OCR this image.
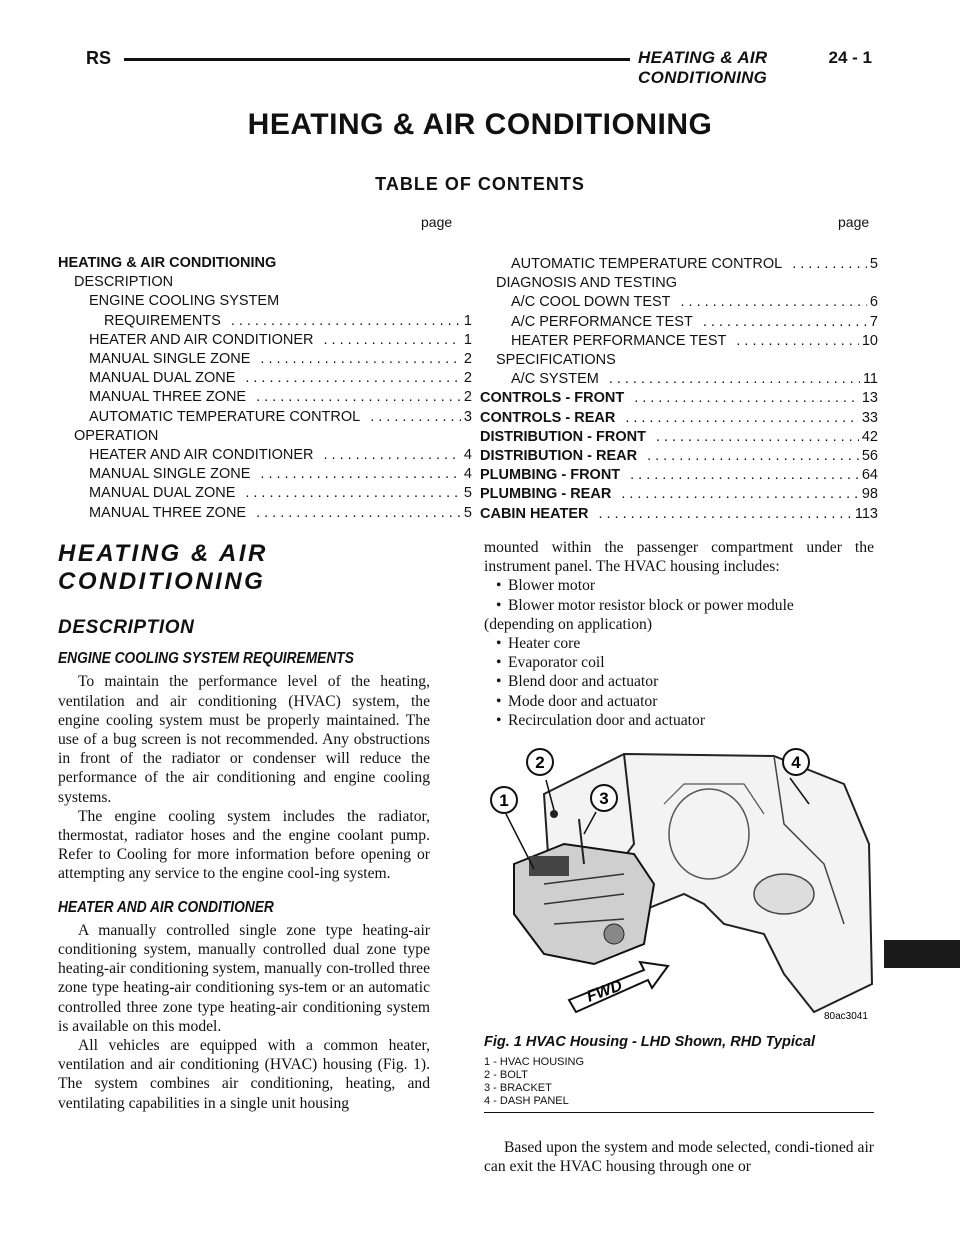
RS	HEATING & AIR CONDITIONING
24 - 1
HEATING & AIR CONDITIONING
TABLE OF CONTENTS
page	page
HEATING & AIR CONDITIONING
DESCRIPTION
ENGINE COOLING SYSTEM
REQUIREMENTS .....	1
HEATER AND AIR CONDITIONER .....	1
MANUAL SINGLE ZONE .....	2
MANUAL DUAL ZONE .....	2
MANUAL THREE ZONE .....	2
AUTOMATIC TEMPERATURE CONTROL .....	3
OPERATION
HEATER AND AIR CONDITIONER .....	4
MANUAL SINGLE ZONE .....	4
MANUAL DUAL ZONE .....	5
MANUAL THREE ZONE .....	5
AUTOMATIC TEMPERATURE CONTROL .....	5
DIAGNOSIS AND TESTING
A/C COOL DOWN TEST .....	6
A/C PERFORMANCE TEST .....	7
HEATER PERFORMANCE TEST .....	10
SPECIFICATIONS
A/C SYSTEM .....	11
CONTROLS - FRONT .....	13
CONTROLS - REAR .....	33
DISTRIBUTION - FRONT .....	42
DISTRIBUTION - REAR .....	56
PLUMBING - FRONT .....	64
PLUMBING - REAR .....	98
CABIN HEATER .....	113
HEATING & AIR
CONDITIONING
DESCRIPTION
ENGINE COOLING SYSTEM REQUIREMENTS

To maintain the performance level of the heating, ventilation and air conditioning (HVAC) system, the engine cooling system must be properly maintained. The use of a bug screen is not recommended. Any obstructions in front of the radiator or condenser will reduce the performance of the air conditioning and engine cooling systems.

The engine cooling system includes the radiator, thermostat, radiator hoses and the engine coolant pump. Refer to Cooling for more information before opening or attempting any service to the engine cool-ing system.

HEATER AND AIR CONDITIONER

A manually controlled single zone type heating-air conditioning system, manually controlled dual zone type heating-air conditioning system, manually con-trolled three zone type heating-air conditioning sys-tem or an automatic controlled three zone type heating-air conditioning system is available on this model.

All vehicles are equipped with a common heater, ventilation and air conditioning (HVAC) housing (Fig. 1). The system combines air conditioning, heating, and ventilating capabilities in a single unit housing

mounted within the passenger compartment under the instrument panel. The HVAC housing includes:

• Blower motor

• Blower motor resistor block or power module

(depending on application)

• Heater core

• Evaporator coil

• Blend door and actuator

• Mode door and actuator

• Recirculation door and actuator

1
2
3
4
FWD
80ac3041
Fig. 1 HVAC Housing - LHD Shown, RHD Typical
1 - HVAC HOUSING
2 - BOLT
3 - BRACKET
4 - DASH PANEL

Based upon the system and mode selected, condi-tioned air can exit the HVAC housing through one or
